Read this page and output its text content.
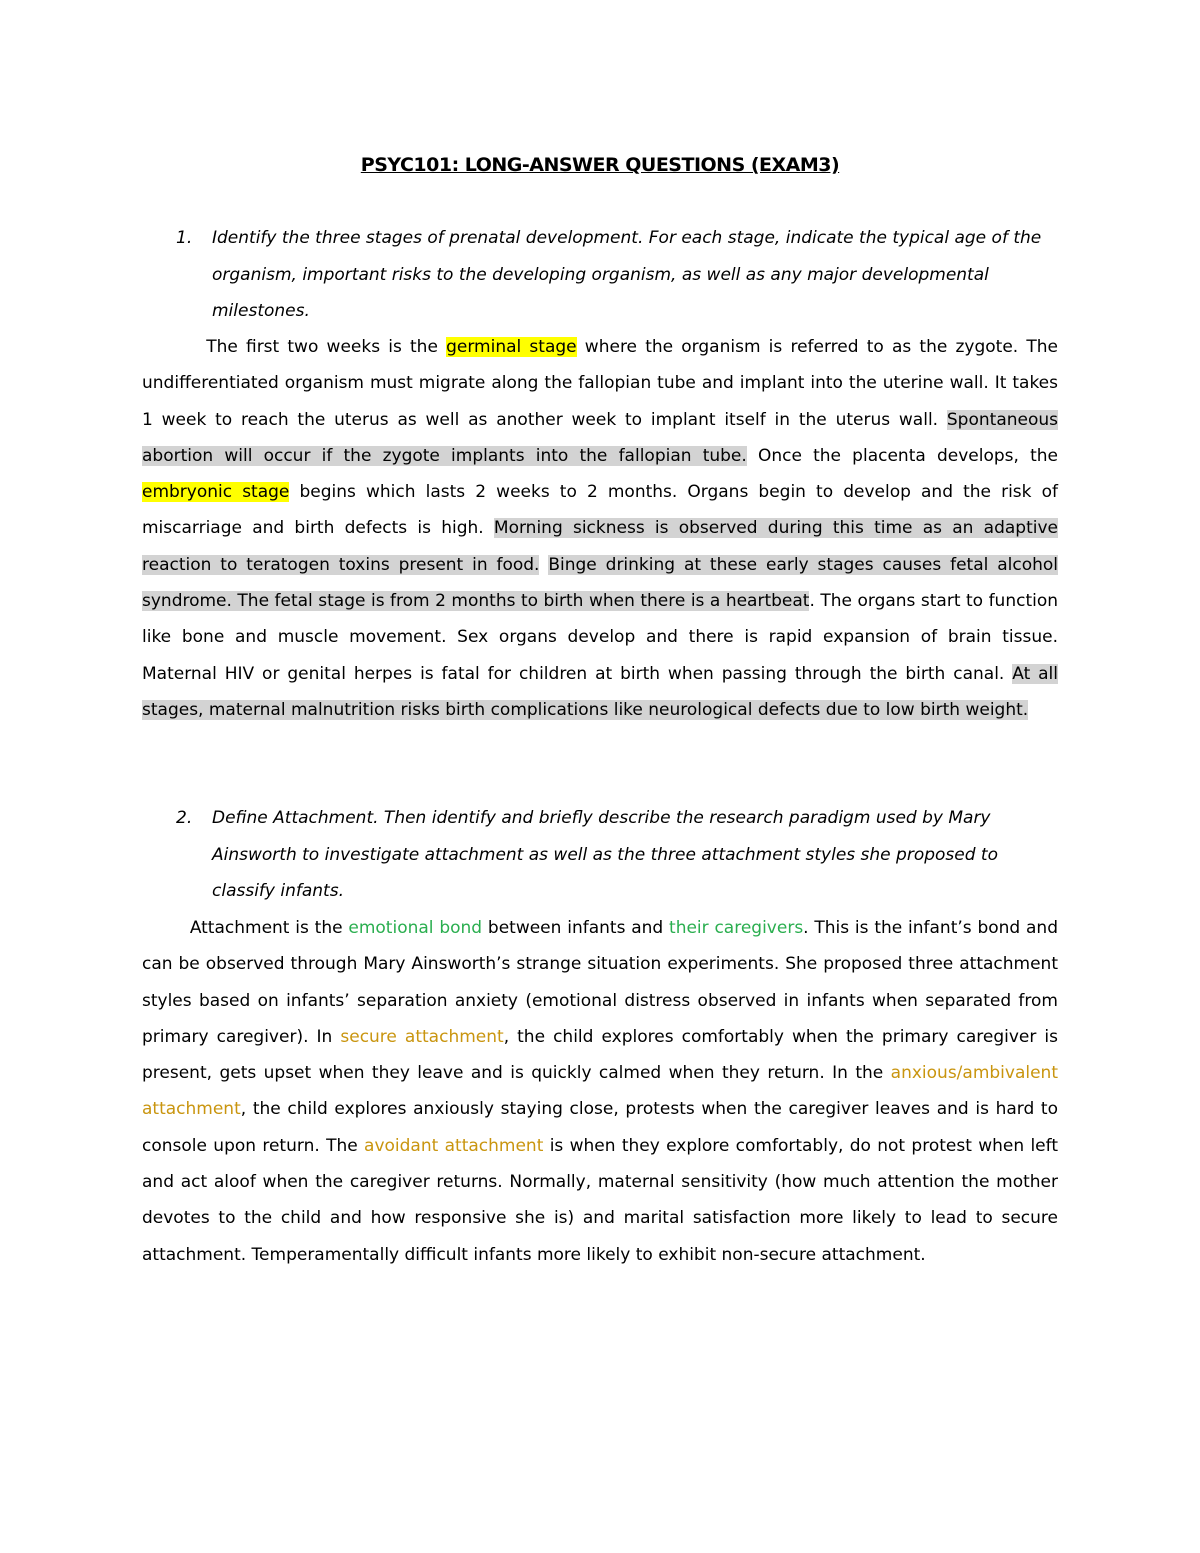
PSYC101: LONG-ANSWER QUESTIONS (EXAM3)
1.	Identify the three stages of prenatal development. For each stage, indicate the typical age of the organism, important risks to the developing organism, as well as any major developmental milestones.
The first two weeks is the germinal stage where the organism is referred to as the zygote. The undifferentiated organism must migrate along the fallopian tube and implant into the uterine wall. It takes 1 week to reach the uterus as well as another week to implant itself in the uterus wall. Spontaneous abortion will occur if the zygote implants into the fallopian tube. Once the placenta develops, the embryonic stage begins which lasts 2 weeks to 2 months. Organs begin to develop and the risk of miscarriage and birth defects is high. Morning sickness is observed during this time as an adaptive reaction to teratogen toxins present in food. Binge drinking at these early stages causes fetal alcohol syndrome. The fetal stage is from 2 months to birth when there is a heartbeat. The organs start to function like bone and muscle movement. Sex organs develop and there is rapid expansion of brain tissue. Maternal HIV or genital herpes is fatal for children at birth when passing through the birth canal. At all stages, maternal malnutrition risks birth complications like neurological defects due to low birth weight.
2.	Define Attachment. Then identify and briefly describe the research paradigm used by Mary Ainsworth to investigate attachment as well as the three attachment styles she proposed to classify infants.
Attachment is the emotional bond between infants and their caregivers. This is the infant’s bond and can be observed through Mary Ainsworth’s strange situation experiments. She proposed three attachment styles based on infants’ separation anxiety (emotional distress observed in infants when separated from primary caregiver). In secure attachment, the child explores comfortably when the primary caregiver is present, gets upset when they leave and is quickly calmed when they return. In the anxious/ambivalent attachment, the child explores anxiously staying close, protests when the caregiver leaves and is hard to console upon return. The avoidant attachment is when they explore comfortably, do not protest when left and act aloof when the caregiver returns. Normally, maternal sensitivity (how much attention the mother devotes to the child and how responsive she is) and marital satisfaction more likely to lead to secure attachment. Temperamentally difficult infants more likely to exhibit non-secure attachment.
